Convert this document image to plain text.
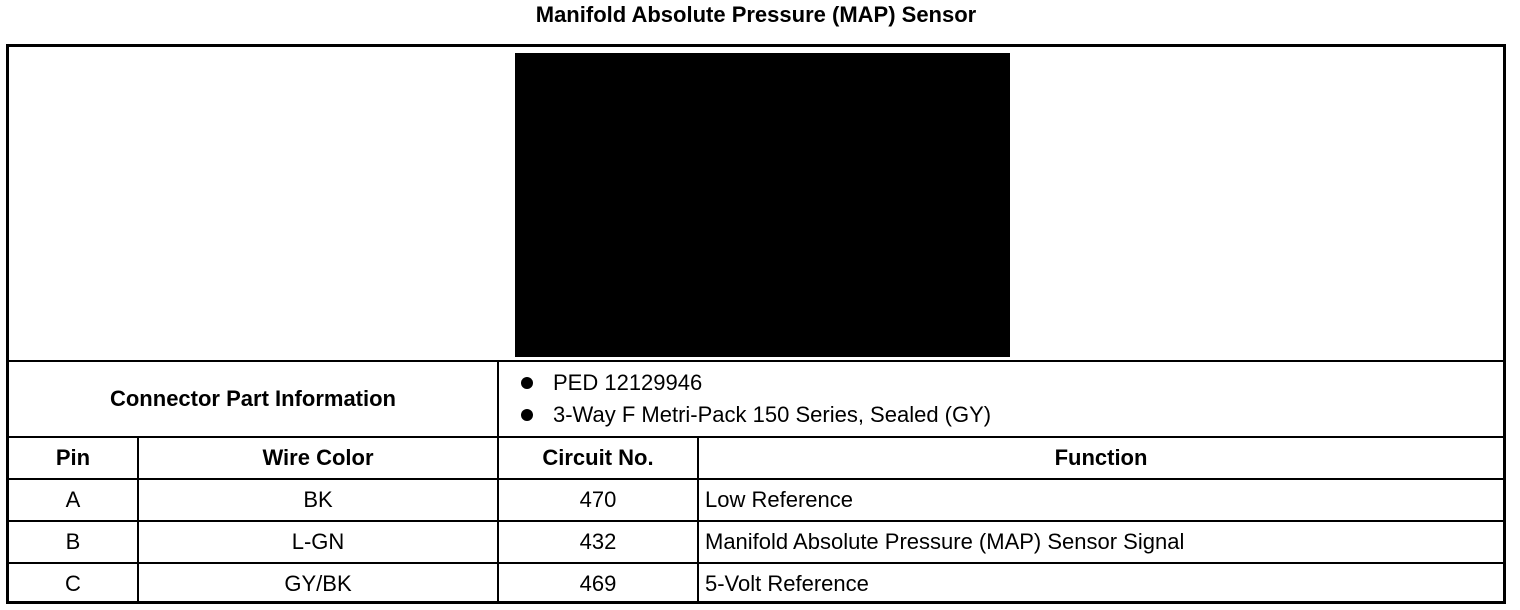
Manifold Absolute Pressure (MAP) Sensor
Connector Part Information
PED 12129946
3-Way F Metri-Pack 150 Series, Sealed (GY)
Pin	Wire Color	Circuit No.	Function
A	BK	470	Low Reference
B	L-GN	432	Manifold Absolute Pressure (MAP) Sensor Signal
C	GY/BK	469	5-Volt Reference
